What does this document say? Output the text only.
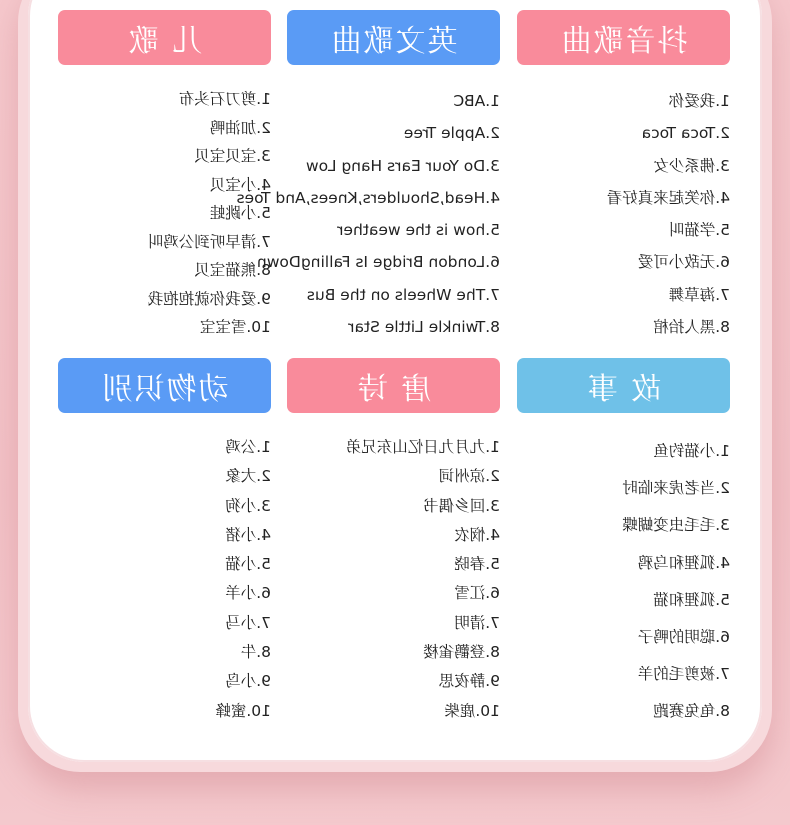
抖音歌曲
1.我爱你
2.Toca Toca
3.佛系少女
4.你笑起来真好看
5.学猫叫
6.无敌小可爱
7.海草舞
8.黑人抬棺
英文歌曲
1.ABC
2.Apple Tree
3.Do Your Ears Hang Low
4.Head,Shoulders,Knees,And Toes
5.how is the weather
6.London Bridge Is FallingDown
7.The Wheels on the Bus
8.Twinkle Little Star
儿 歌
1.剪刀石头布
2.加油鸭
3.宝贝宝贝
4.小宝贝
5.小跳蛙
7.清早听到公鸡叫
8.熊猫宝贝
9.爱我你就抱抱我
10.雪宝宝
故 事
1.小猫钓鱼
2.当老虎来临时
3.毛毛虫变蝴蝶
4.狐狸和乌鸦
5.狐狸和猫
6.聪明的鸭子
7.被剪毛的羊
8.龟兔赛跑
唐 诗
1.九月九日忆山东兄弟
2.凉州词
3.回乡偶书
4.悯农
5.春晓
6.江雪
7.清明
8.登鹳雀楼
9.静夜思
10.鹿柴
动物识别
1.公鸡
2.大象
3.小狗
4.小猪
5.小猫
6.小羊
7.小马
8.牛
9.小鸟
10.蜜蜂
